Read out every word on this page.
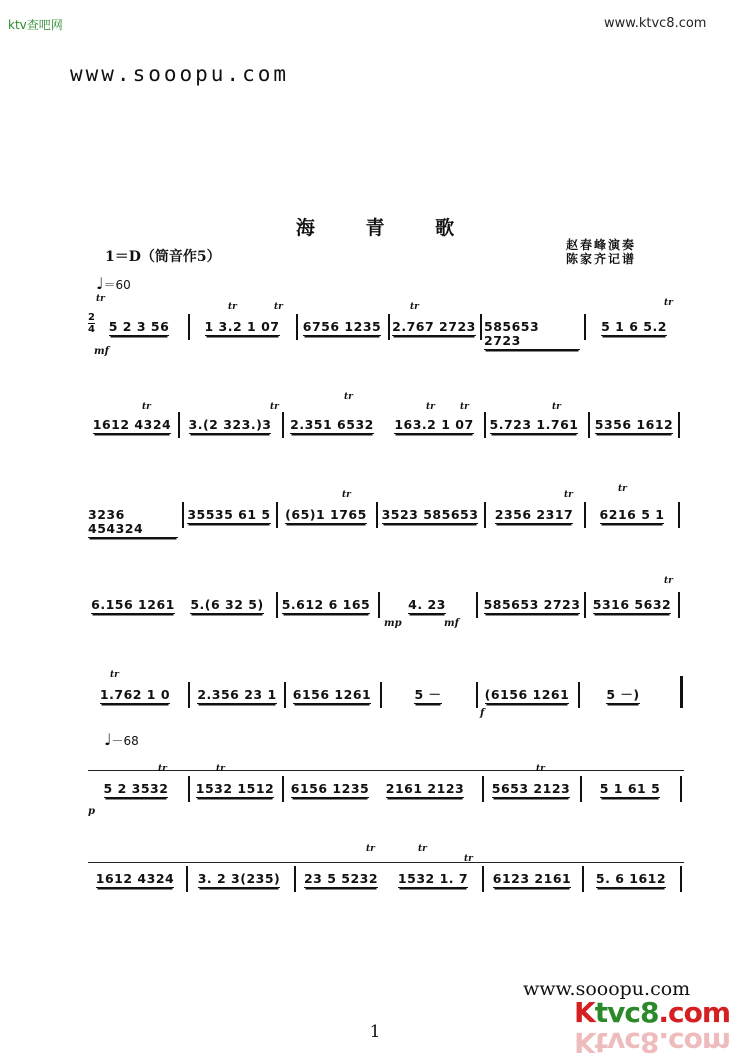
ktv查吧网	www.ktvc8.com
www.sooopu.com
海 青 歌
赵春峰演奏
陈家齐记谱
1＝D（筒音作5）
♩＝60
2
4
tr
5 2 3 56
tr	tr
1 3.2 1 07 6756 1235
tr
2.767 2723 585653 2723
tr
5 1 6 5.2
mf
tr
1612 4324
tr
3.(2 323.)3
tr
2.351 6532
tr	tr
163.2 1 07
tr
5.723 1.761 5356 1612
3236 454324
35535 61 5
tr
(65)1 1765 3523 585653
tr
2356 2317
tr
6216 5 1
6.156 1261 5.(6 32 5) 5.612 6 165	4. 23
mp	mf
585653 2723
tr
5316 5632
tr
1.762 1 0 2.356 23 1 6156 1261	5 －	(6156 1261
f
5 －)
♩－68
tr	tr
5 2 3532 1532 1512 6156 1235 2161 2123
tr
5653 2123 5 1 61 5
p
1612 4324 3. 2 3(235)
tr	tr
23 5 5232
tr
1532 1. 7 6123 2161 5. 6 1612
www.sooopu.com
Ktvc8.com
Ktvc8.com
1
